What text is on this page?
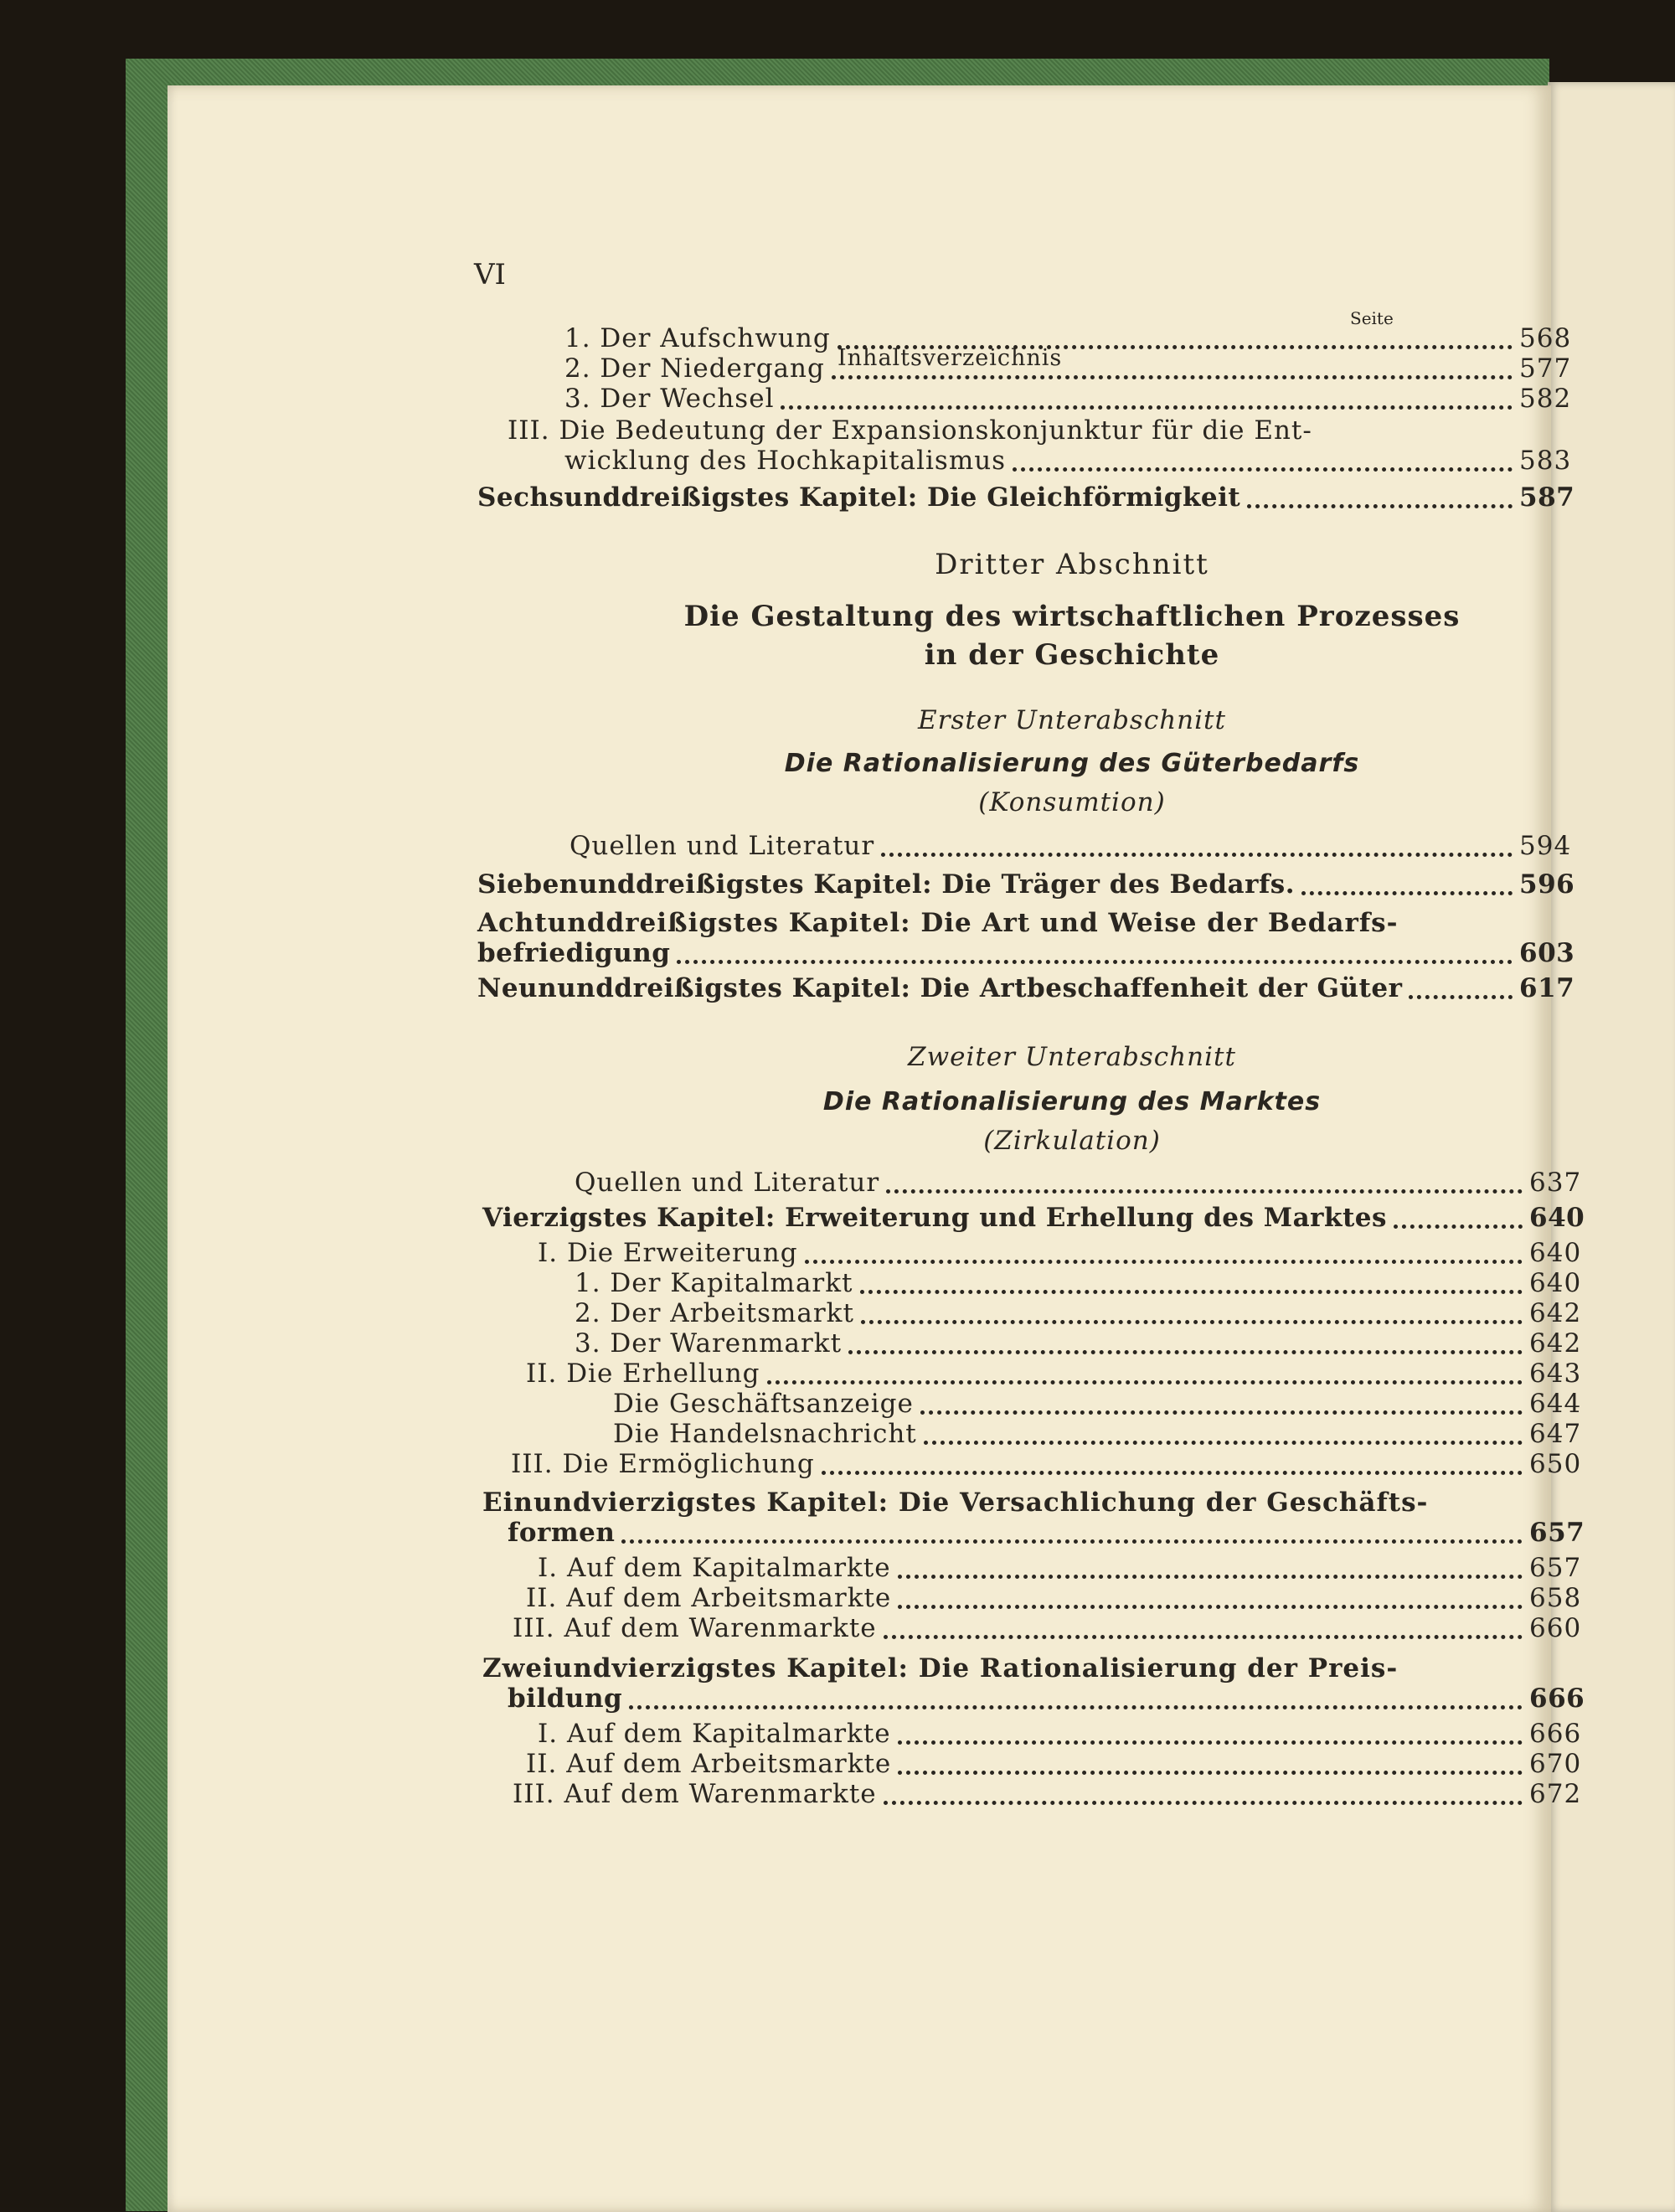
VI
Inhaltsverzeichnis
Seite
1. Der Aufschwung	568
2. Der Niedergang	577
3. Der Wechsel	582
III. Die Bedeutung der Expansionskonjunktur für die Ent-
wicklung des Hochkapitalismus	583
Sechsunddreißigstes Kapitel: Die Gleichförmigkeit	587
Dritter Abschnitt
Die Gestaltung des wirtschaftlichen Prozesses
in der Geschichte
Erster Unterabschnitt
Die Rationalisierung des Güterbedarfs
(Konsumtion)
Quellen und Literatur	594
Siebenunddreißigstes Kapitel: Die Träger des Bedarfs.	596
Achtunddreißigstes Kapitel: Die Art und Weise der Bedarfs-
befriedigung	603
Neununddreißigstes Kapitel: Die Artbeschaffenheit der Güter	617
Zweiter Unterabschnitt
Die Rationalisierung des Marktes
(Zirkulation)
Quellen und Literatur	637
Vierzigstes Kapitel: Erweiterung und Erhellung des Marktes	640
I. Die Erweiterung	640
1. Der Kapitalmarkt	640
2. Der Arbeitsmarkt	642
3. Der Warenmarkt	642
II. Die Erhellung	643
Die Geschäftsanzeige	644
Die Handelsnachricht	647
III. Die Ermöglichung	650
Einundvierzigstes Kapitel: Die Versachlichung der Geschäfts-
formen	657
I. Auf dem Kapitalmarkte	657
II. Auf dem Arbeitsmarkte	658
III. Auf dem Warenmarkte	660
Zweiundvierzigstes Kapitel: Die Rationalisierung der Preis-
bildung	666
I. Auf dem Kapitalmarkte	666
II. Auf dem Arbeitsmarkte	670
III. Auf dem Warenmarkte	672
